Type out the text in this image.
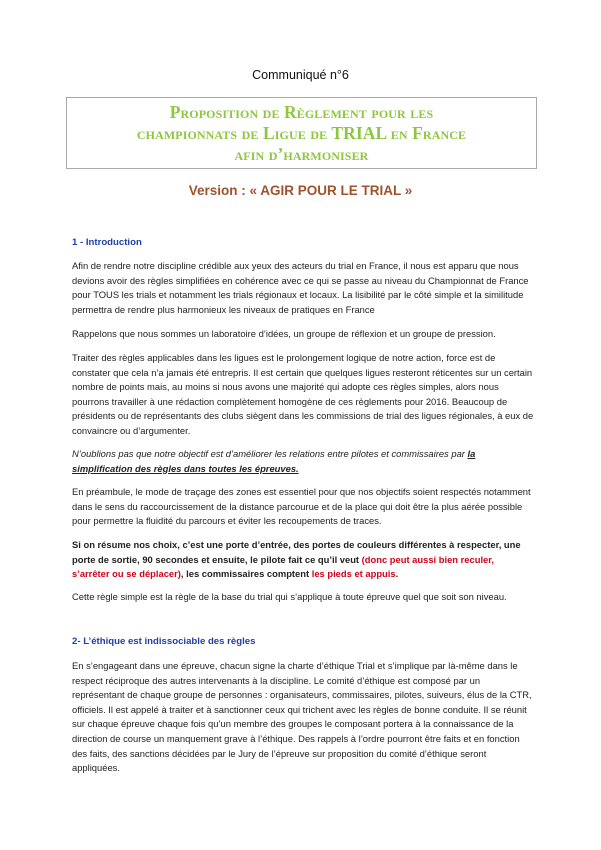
Communiqué n°6
Proposition de Règlement pour les
championnats de Ligue de TRIAL en France
afin d’harmoniser
Version : « AGIR POUR LE TRIAL »
1 - Introduction
Afin de rendre notre discipline crédible aux yeux des acteurs du trial en France, il nous est apparu que nous devions avoir des règles simplifiées en cohérence avec ce qui se passe au niveau du Championnat de France pour TOUS les trials et notamment les trials régionaux et locaux. La lisibilité par le côté simple et la similitude permettra de rendre plus harmonieux les niveaux de pratiques en France
Rappelons que nous sommes un laboratoire d’idées, un groupe de réflexion et un groupe de pression.
Traiter des règles applicables dans les ligues est le prolongement logique de notre action, force est de constater que cela n’a jamais été entrepris. Il est certain que quelques ligues resteront réticentes sur un certain nombre de points mais, au moins si nous avons une majorité qui adopte ces règles simples, alors nous pourrons travailler à une rédaction complètement homogène de ces règlements pour 2016. Beaucoup de présidents ou de représentants des clubs siègent dans les commissions de trial des ligues régionales, à eux de convaincre ou d’argumenter.
N’oublions pas que notre objectif est d’améliorer les relations entre pilotes et commissaires par la simplification des règles dans toutes les épreuves.
En préambule, le mode de traçage des zones est essentiel pour que nos objectifs soient respectés notamment dans le sens du raccourcissement de la distance parcourue et de la place qui doit être la plus aérée possible pour permettre la fluidité du parcours et éviter les recoupements de traces.
Si on résume nos choix, c’est une porte d’entrée, des portes de couleurs différentes à respecter, une porte de sortie, 90 secondes et ensuite, le pilote fait ce qu’il veut (donc peut aussi bien reculer, s’arrêter ou se déplacer), les commissaires comptent les pieds et appuis.
Cette règle simple est la règle de la base du trial qui s’applique à toute épreuve quel que soit son niveau.
2- L’éthique est indissociable des règles
En s’engageant dans une épreuve, chacun signe la charte d’éthique Trial et s’implique par là-même dans le respect réciproque des autres intervenants à la discipline. Le comité d’éthique est composé par un représentant de chaque groupe de personnes : organisateurs, commissaires, pilotes, suiveurs, élus de la CTR, officiels. Il est appelé à traiter et à sanctionner ceux qui trichent avec les règles de bonne conduite. Il se réunit sur chaque épreuve chaque fois qu’un membre des groupes le composant portera à la connaissance de la direction de course un manquement grave à l’éthique. Des rappels à l’ordre pourront être faits et en fonction des faits, des sanctions décidées par le Jury de l’épreuve sur proposition du comité d’éthique seront appliquées.
